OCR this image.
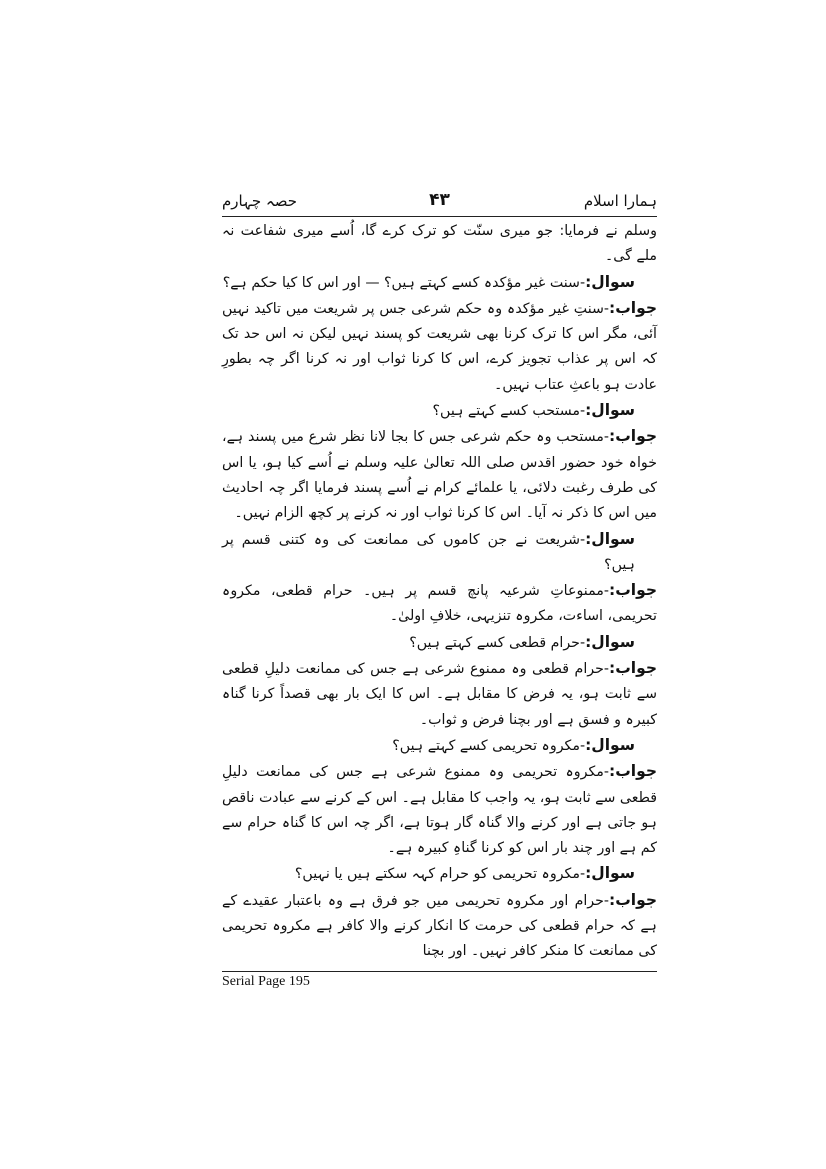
ہمارا اسلام
۴۳
حصہ چہارم

وسلم نے فرمایا: جو میری سنّت کو ترک کرے گا، اُسے میری شفاعت نہ ملے گی۔

سوال:-سنت غیر مؤکدہ کسے کہتے ہیں؟ — اور اس کا کیا حکم ہے؟

جواب:-سنتِ غیر مؤکدہ وہ حکم شرعی جس پر شریعت میں تاکید نہیں آئی، مگر اس کا ترک کرنا بھی شریعت کو پسند نہیں لیکن نہ اس حد تک کہ اس پر عذاب تجویز کرے، اس کا کرنا ثواب اور نہ کرنا اگر چہ بطورِ عادت ہو باعثِ عتاب نہیں۔

سوال:-مستحب کسے کہتے ہیں؟

جواب:-مستحب وہ حکم شرعی جس کا بجا لانا نظر شرع میں پسند ہے، خواہ خود حضور اقدس صلی اللہ تعالیٰ علیہ وسلم نے اُسے کیا ہو، یا اس کی طرف رغبت دلائی، یا علمائے کرام نے اُسے پسند فرمایا اگر چہ احادیث میں اس کا ذکر نہ آیا۔ اس کا کرنا ثواب اور نہ کرنے پر کچھ الزام نہیں۔

سوال:-شریعت نے جن کاموں کی ممانعت کی وہ کتنی قسم پر ہیں؟

جواب:-ممنوعاتِ شرعیہ پانچ قسم پر ہیں۔ حرام قطعی، مکروہ تحریمی، اساءت، مکروہ تنزیہی، خلافِ اولیٰ۔

سوال:-حرام قطعی کسے کہتے ہیں؟

جواب:-حرام قطعی وہ ممنوع شرعی ہے جس کی ممانعت دلیلِ قطعی سے ثابت ہو، یہ فرض کا مقابل ہے۔ اس کا ایک بار بھی قصداً کرنا گناہ کبیرہ و فسق ہے اور بچنا فرض و ثواب۔

سوال:-مکروہ تحریمی کسے کہتے ہیں؟

جواب:-مکروہ تحریمی وہ ممنوع شرعی ہے جس کی ممانعت دلیلِ قطعی سے ثابت ہو، یہ واجب کا مقابل ہے۔ اس کے کرنے سے عبادت ناقص ہو جاتی ہے اور کرنے والا گناہ گار ہوتا ہے، اگر چہ اس کا گناہ حرام سے کم ہے اور چند بار اس کو کرنا گناہِ کبیرہ ہے۔

سوال:-مکروہ تحریمی کو حرام کہہ سکتے ہیں یا نہیں؟

جواب:-حرام اور مکروہ تحریمی میں جو فرق ہے وہ باعتبار عقیدے کے ہے کہ حرام قطعی کی حرمت کا انکار کرنے والا کافر ہے مکروہ تحریمی کی ممانعت کا منکر کافر نہیں۔ اور بچنا

Serial Page 195
